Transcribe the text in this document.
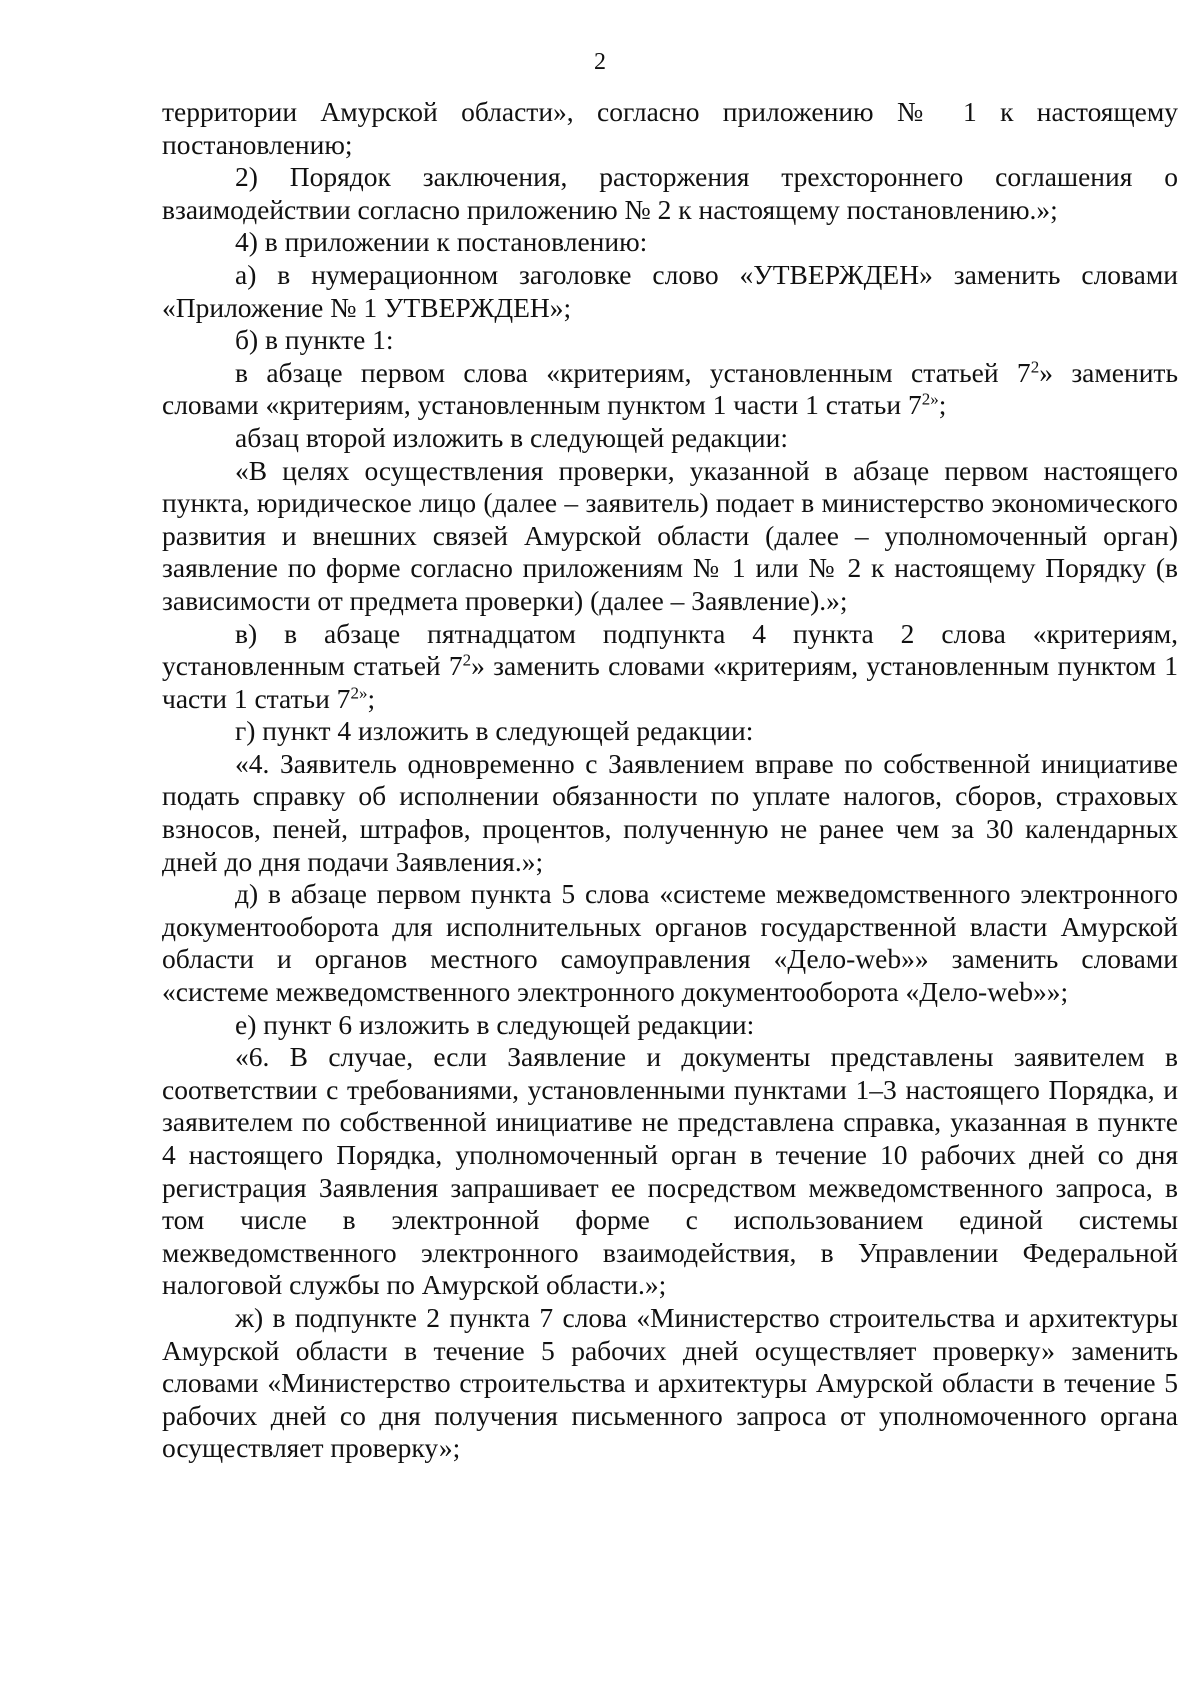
2

территории Амурской области», согласно приложению № 1 к настоящему постановлению;

2) Порядок заключения, расторжения трехстороннего соглашения о взаимодействии согласно приложению № 2 к настоящему постановлению.»;

4) в приложении к постановлению:

а) в нумерационном заголовке слово «УТВЕРЖДЕН» заменить словами «Приложение № 1 УТВЕРЖДЕН»;

б) в пункте 1:

в абзаце первом слова «критериям, установленным статьей $7^2$» заменить словами «критериям, установленным пунктом 1 части 1 статьи $7^{2»}$;

абзац второй изложить в следующей редакции:

«В целях осуществления проверки, указанной в абзаце первом настоящего пункта, юридическое лицо (далее – заявитель) подает в министерство экономического развития и внешних связей Амурской области (далее – уполномоченный орган) заявление по форме согласно приложениям № 1 или № 2 к настоящему Порядку (в зависимости от предмета проверки) (далее – Заявление).»;

в) в абзаце пятнадцатом подпункта 4 пункта 2 слова «критериям, установленным статьей $7^2$» заменить словами «критериям, установленным пунктом 1 части 1 статьи $7^{2»}$;

г) пункт 4 изложить в следующей редакции:

«4. Заявитель одновременно с Заявлением вправе по собственной инициативе подать справку об исполнении обязанности по уплате налогов, сборов, страховых взносов, пеней, штрафов, процентов, полученную не ранее чем за 30 календарных дней до дня подачи Заявления.»;

д) в абзаце первом пункта 5 слова «системе межведомственного электронного документооборота для исполнительных органов государственной власти Амурской области и органов местного самоуправления «Дело-web»» заменить словами «системе межведомственного электронного документооборота «Дело-web»»;

е) пункт 6 изложить в следующей редакции:

«6. В случае, если Заявление и документы представлены заявителем в соответствии с требованиями, установленными пунктами 1–3 настоящего Порядка, и заявителем по собственной инициативе не представлена справка, указанная в пункте 4 настоящего Порядка, уполномоченный орган в течение 10 рабочих дней со дня регистрация Заявления запрашивает ее посредством межведомственного запроса, в том числе в электронной форме с использованием единой системы межведомственного электронного взаимодействия, в Управлении Федеральной налоговой службы по Амурской области.»;

ж) в подпункте 2 пункта 7 слова «Министерство строительства и архитектуры Амурской области в течение 5 рабочих дней осуществляет проверку» заменить словами «Министерство строительства и архитектуры Амурской области в течение 5 рабочих дней со дня получения письменного запроса от уполномоченного органа осуществляет проверку»;
